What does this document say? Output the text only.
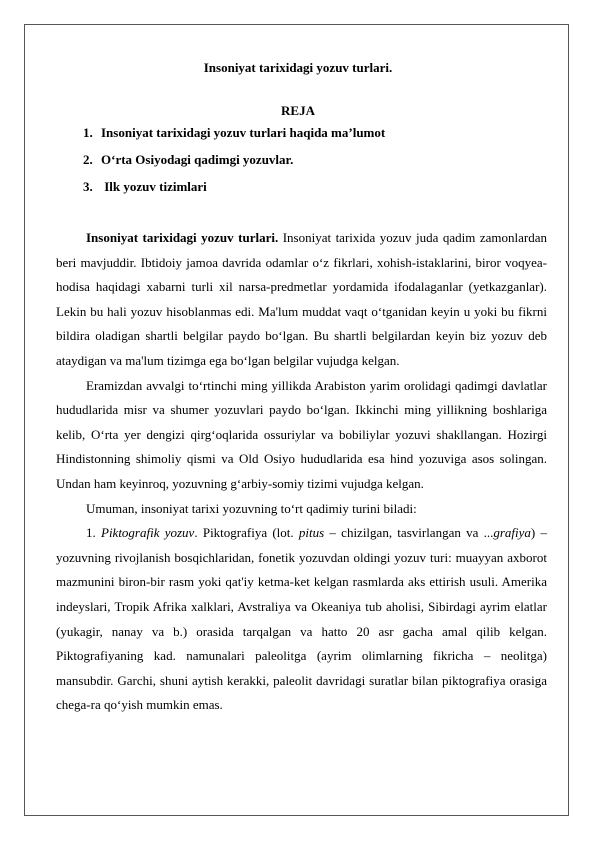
Insoniyat tarixidagi yozuv turlari.
REJA
1. Insoniyat tarixidagi yozuv turlari haqida ma’lumot
2. O‘rta Osiyodagi qadimgi yozuvlar.
3. Ilk yozuv tizimlari

Insoniyat tarixidagi yozuv turlari. Insoniyat tarixida yozuv juda qadim zamonlardan beri mavjuddir. Ibtidoiy jamoa davrida odamlar o‘z fikrlari, xohish-istaklarini, biror voqyea-hodisa haqidagi xabarni turli xil narsa-predmetlar yordamida ifodalaganlar (yetkazganlar). Lekin bu hali yozuv hisoblanmas edi. Ma'lum muddat vaqt o‘tganidan keyin u yoki bu fikrni bildira oladigan shartli belgilar paydo bo‘lgan. Bu shartli belgilardan keyin biz yozuv deb ataydigan va ma'lum tizimga ega bo‘lgan belgilar vujudga kelgan.

Eramizdan avvalgi to‘rtinchi ming yillikda Arabiston yarim orolidagi qadimgi davlatlar hududlarida misr va shumer yozuvlari paydo bo‘lgan. Ikkinchi ming yillikning boshlariga kelib, O‘rta yer dengizi qirg‘oqlarida ossuriylar va bobiliylar yozuvi shakllangan. Hozirgi Hindistonning shimoliy qismi va Old Osiyo hududlarida esa hind yozuviga asos solingan. Undan ham keyinroq, yozuvning g‘arbiy-somiy tizimi vujudga kelgan.

Umuman, insoniyat tarixi yozuvning to‘rt qadimiy turini biladi:

1. Piktografik yozuv. Piktografiya (lot. pitus – chizilgan, tasvirlangan va ...grafiya) – yozuvning rivojlanish bosqichlaridan, fonetik yozuvdan oldingi yozuv turi: muayyan axborot mazmunini biron-bir rasm yoki qat'iy ketma-ket kelgan rasmlarda aks ettirish usuli. Amerika indeyslari, Tropik Afrika xalklari, Avstraliya va Okeaniya tub aholisi, Sibirdagi ayrim elatlar (yukagir, nanay va b.) orasida tarqalgan va hatto 20 asr gacha amal qilib kelgan. Piktografiyaning kad. namunalari paleolitga (ayrim olimlarning fikricha – neolitga) mansubdir. Garchi, shuni aytish kerakki, paleolit davridagi suratlar bilan piktografiya orasiga chega-ra qo‘yish mumkin emas.
